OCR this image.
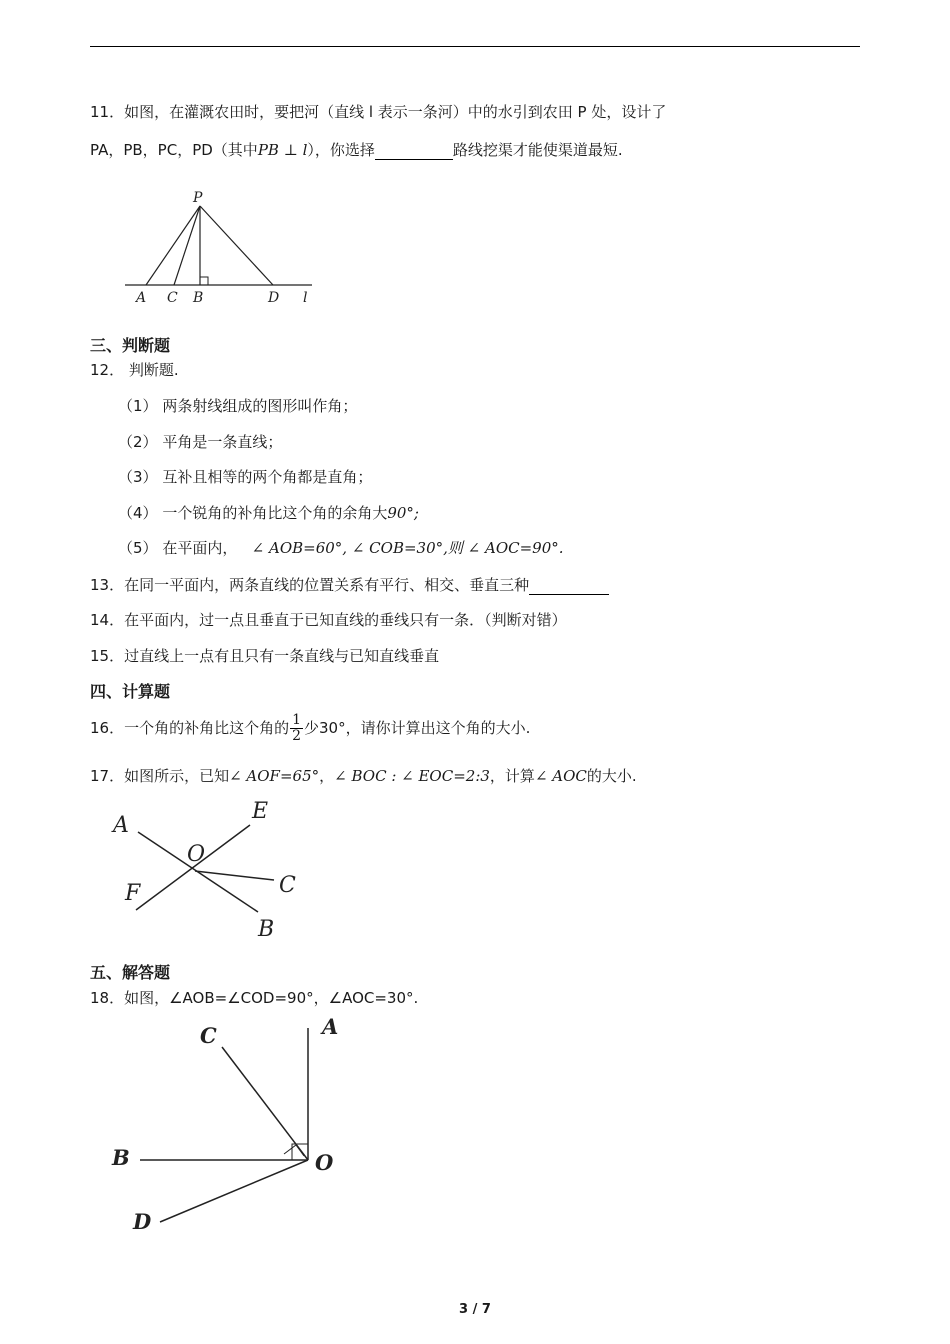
11．如图，在灌溉农田时，要把河（直线 l 表示一条河）中的水引到农田 P 处，设计了
PA，PB，PC，PD（其中PB ⊥ l），你选择	路线挖渠才能使渠道最短.
P
A C B	D l
三、判断题
12． 判断题.
（1） 两条射线组成的图形叫作角；
（2） 平角是一条直线；
（3） 互补且相等的两个角都是直角；
（4） 一个锐角的补角比这个角的余角大90°;
（5） 在平面内， ∠ AOB=60°, ∠ COB=30°,则 ∠ AOC=90°.
13．在同一平面内，两条直线的位置关系有平行、相交、垂直三种
14．在平面内，过一点且垂直于已知直线的垂线只有一条．（判断对错）
15．过直线上一点有且只有一条直线与已知直线垂直
四、计算题
16．一个角的补角比这个角的 $\frac{1}{2}$ 少30°，请你计算出这个角的大小.
17．如图所示，已知∠ AOF=65°，∠ BOC : ∠ EOC=2:3，计算∠ AOC的大小.
A
E
O
C
F
B
五、解答题
18．如图，∠AOB=∠COD=90°，∠AOC=30°.
C	A
B	O
D
3 / 7
